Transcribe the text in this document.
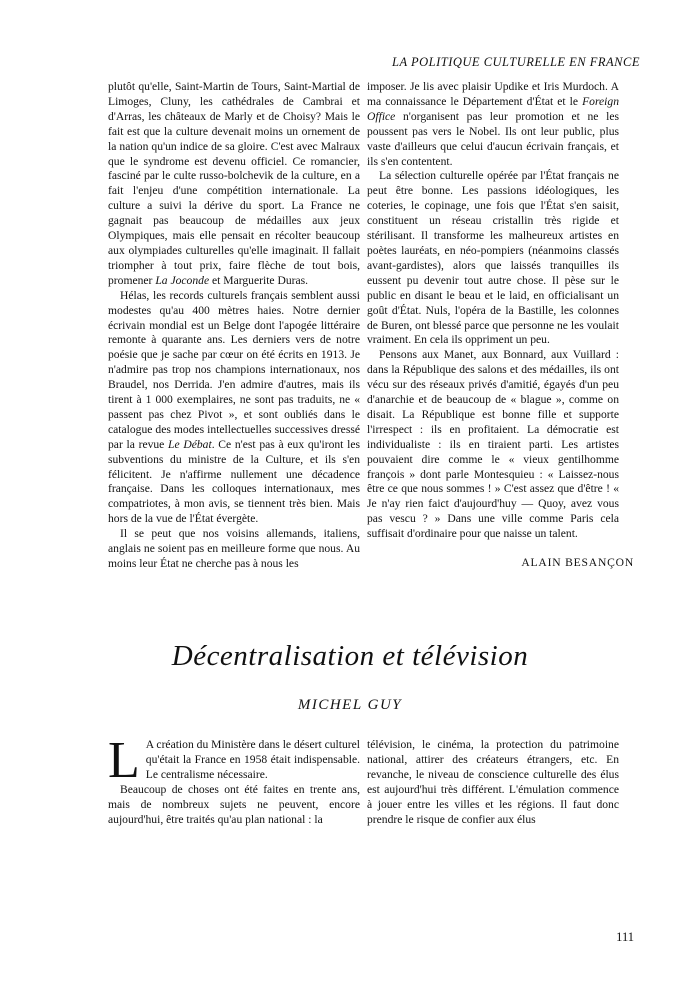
LA POLITIQUE CULTURELLE EN FRANCE

plutôt qu'elle, Saint-Martin de Tours, Saint-Martial de Limoges, Cluny, les cathédrales de Cambrai et d'Arras, les châteaux de Marly et de Choisy? Mais le fait est que la culture devenait moins un ornement de la nation qu'un indice de sa gloire. C'est avec Malraux que le syndrome est devenu officiel. Ce romancier, fasciné par le culte russo-bolchevik de la culture, en a fait l'enjeu d'une compétition internationale. La culture a suivi la dérive du sport. La France ne gagnait pas beaucoup de médailles aux jeux Olympiques, mais elle pensait en récolter beaucoup aux olympiades culturelles qu'elle imaginait. Il fallait triompher à tout prix, faire flèche de tout bois, promener La Joconde et Marguerite Duras.

Hélas, les records culturels français semblent aussi modestes qu'au 400 mètres haies. Notre dernier écrivain mondial est un Belge dont l'apogée littéraire remonte à quarante ans. Les derniers vers de notre poésie que je sache par cœur on été écrits en 1913. Je n'admire pas trop nos champions internationaux, nos Braudel, nos Derrida. J'en admire d'autres, mais ils tirent à 1 000 exemplaires, ne sont pas traduits, ne « passent pas chez Pivot », et sont oubliés dans le catalogue des modes intellectuelles successives dressé par la revue Le Débat. Ce n'est pas à eux qu'iront les subventions du ministre de la Culture, et ils s'en félicitent. Je n'affirme nullement une décadence française. Dans les colloques internationaux, mes compatriotes, à mon avis, se tiennent très bien. Mais hors de la vue de l'État évergète.

Il se peut que nos voisins allemands, italiens, anglais ne soient pas en meilleure forme que nous. Au moins leur État ne cherche pas à nous les

imposer. Je lis avec plaisir Updike et Iris Murdoch. A ma connaissance le Département d'État et le Foreign Office n'organisent pas leur promotion et ne les poussent pas vers le Nobel. Ils ont leur public, plus vaste d'ailleurs que celui d'aucun écrivain français, et ils s'en contentent.

La sélection culturelle opérée par l'État français ne peut être bonne. Les passions idéologiques, les coteries, le copinage, une fois que l'État s'en saisit, constituent un réseau cristallin très rigide et stérilisant. Il transforme les malheureux artistes en poètes lauréats, en néo-pompiers (néanmoins classés avant-gardistes), alors que laissés tranquilles ils eussent pu devenir tout autre chose. Il pèse sur le public en disant le beau et le laid, en officialisant un goût d'État. Nuls, l'opéra de la Bastille, les colonnes de Buren, ont blessé parce que personne ne les voulait vraiment. En cela ils oppriment un peu.

Pensons aux Manet, aux Bonnard, aux Vuillard : dans la République des salons et des médailles, ils ont vécu sur des réseaux privés d'amitié, égayés d'un peu d'anarchie et de beaucoup de « blague », comme on disait. La République est bonne fille et supporte l'irrespect : ils en profitaient. La démocratie est individualiste : ils en tiraient parti. Les artistes pouvaient dire comme le « vieux gentilhomme françois » dont parle Montesquieu : « Laissez-nous être ce que nous sommes ! » C'est assez que d'être ! « Je n'ay rien faict d'aujourd'huy — Quoy, avez vous pas vescu ? » Dans une ville comme Paris cela suffisait d'ordinaire pour que naisse un talent.

ALAIN BESANÇON
Décentralisation et télévision
MICHEL GUY

L A création du Ministère dans le désert culturel qu'était la France en 1958 était indispensable. Le centralisme nécessaire.

Beaucoup de choses ont été faites en trente ans, mais de nombreux sujets ne peuvent, encore aujourd'hui, être traités qu'au plan national : la

télévision, le cinéma, la protection du patrimoine national, attirer des créateurs étrangers, etc. En revanche, le niveau de conscience culturelle des élus est aujourd'hui très différent. L'émulation commence à jouer entre les villes et les régions. Il faut donc prendre le risque de confier aux élus

111
